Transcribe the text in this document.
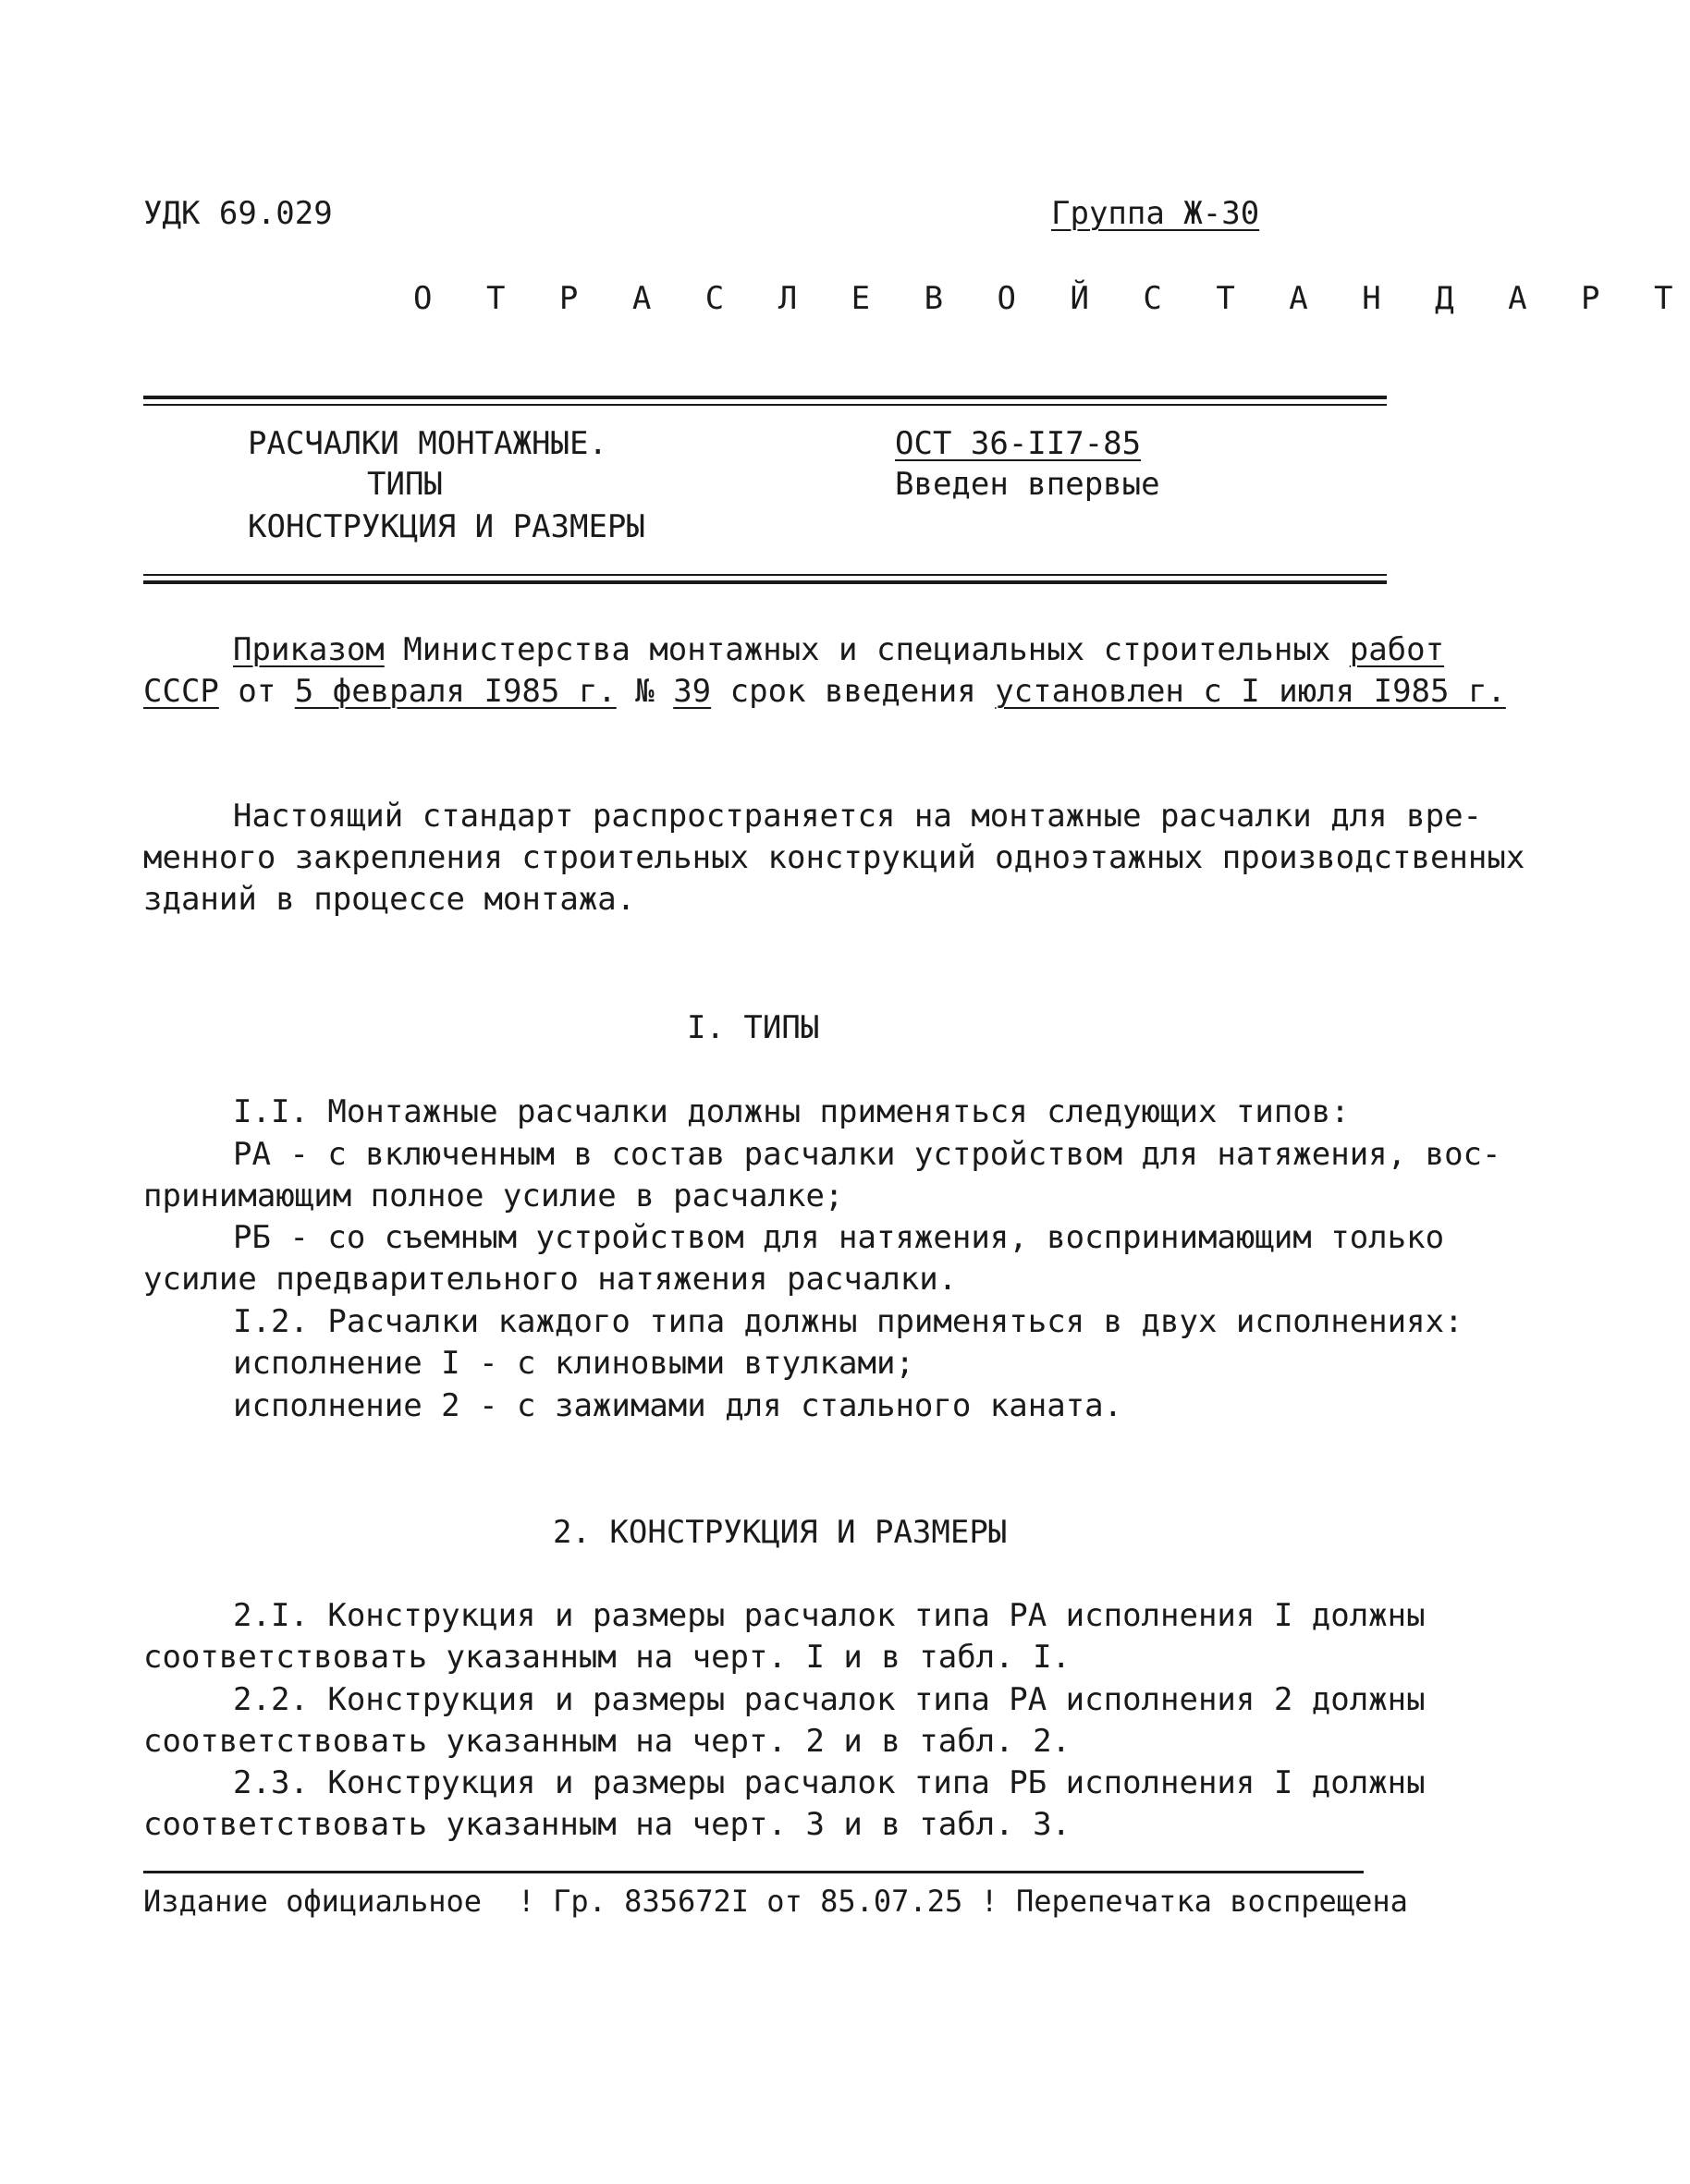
УДК 69.029	Группа Ж-30
О Т Р А С Л Е В О Й С Т А Н Д А Р Т
РАСЧАЛКИ МОНТАЖНЫЕ.
ТИПЫ
КОНСТРУКЦИЯ И РАЗМЕРЫ
ОСТ 36-II7-85
Введен впервые
Приказом Министерства монтажных и специальных строительных работ
СССР от 5 февраля I985 г. № 39 срок введения установлен с I июля I985 г.
Настоящий стандарт распространяется на монтажные расчалки для вре-
менного закрепления строительных конструкций одноэтажных производственных
зданий в процессе монтажа.
I. ТИПЫ
I.I. Монтажные расчалки должны применяться следующих типов:
РА - с включенным в состав расчалки устройством для натяжения, вос-
принимающим полное усилие в расчалке;
РБ - со съемным устройством для натяжения, воспринимающим только
усилие предварительного натяжения расчалки.
I.2. Расчалки каждого типа должны применяться в двух исполнениях:
исполнение I - с клиновыми втулками;
исполнение 2 - с зажимами для стального каната.
2. КОНСТРУКЦИЯ И РАЗМЕРЫ
2.I. Конструкция и размеры расчалок типа РА исполнения I должны
соответствовать указанным на черт. I и в табл. I.
2.2. Конструкция и размеры расчалок типа РА исполнения 2 должны
соответствовать указанным на черт. 2 и в табл. 2.
2.3. Конструкция и размеры расчалок типа РБ исполнения I должны
соответствовать указанным на черт. 3 и в табл. 3.
Издание официальное  ! Гр. 835672I от 85.07.25 ! Перепечатка воспрещена
